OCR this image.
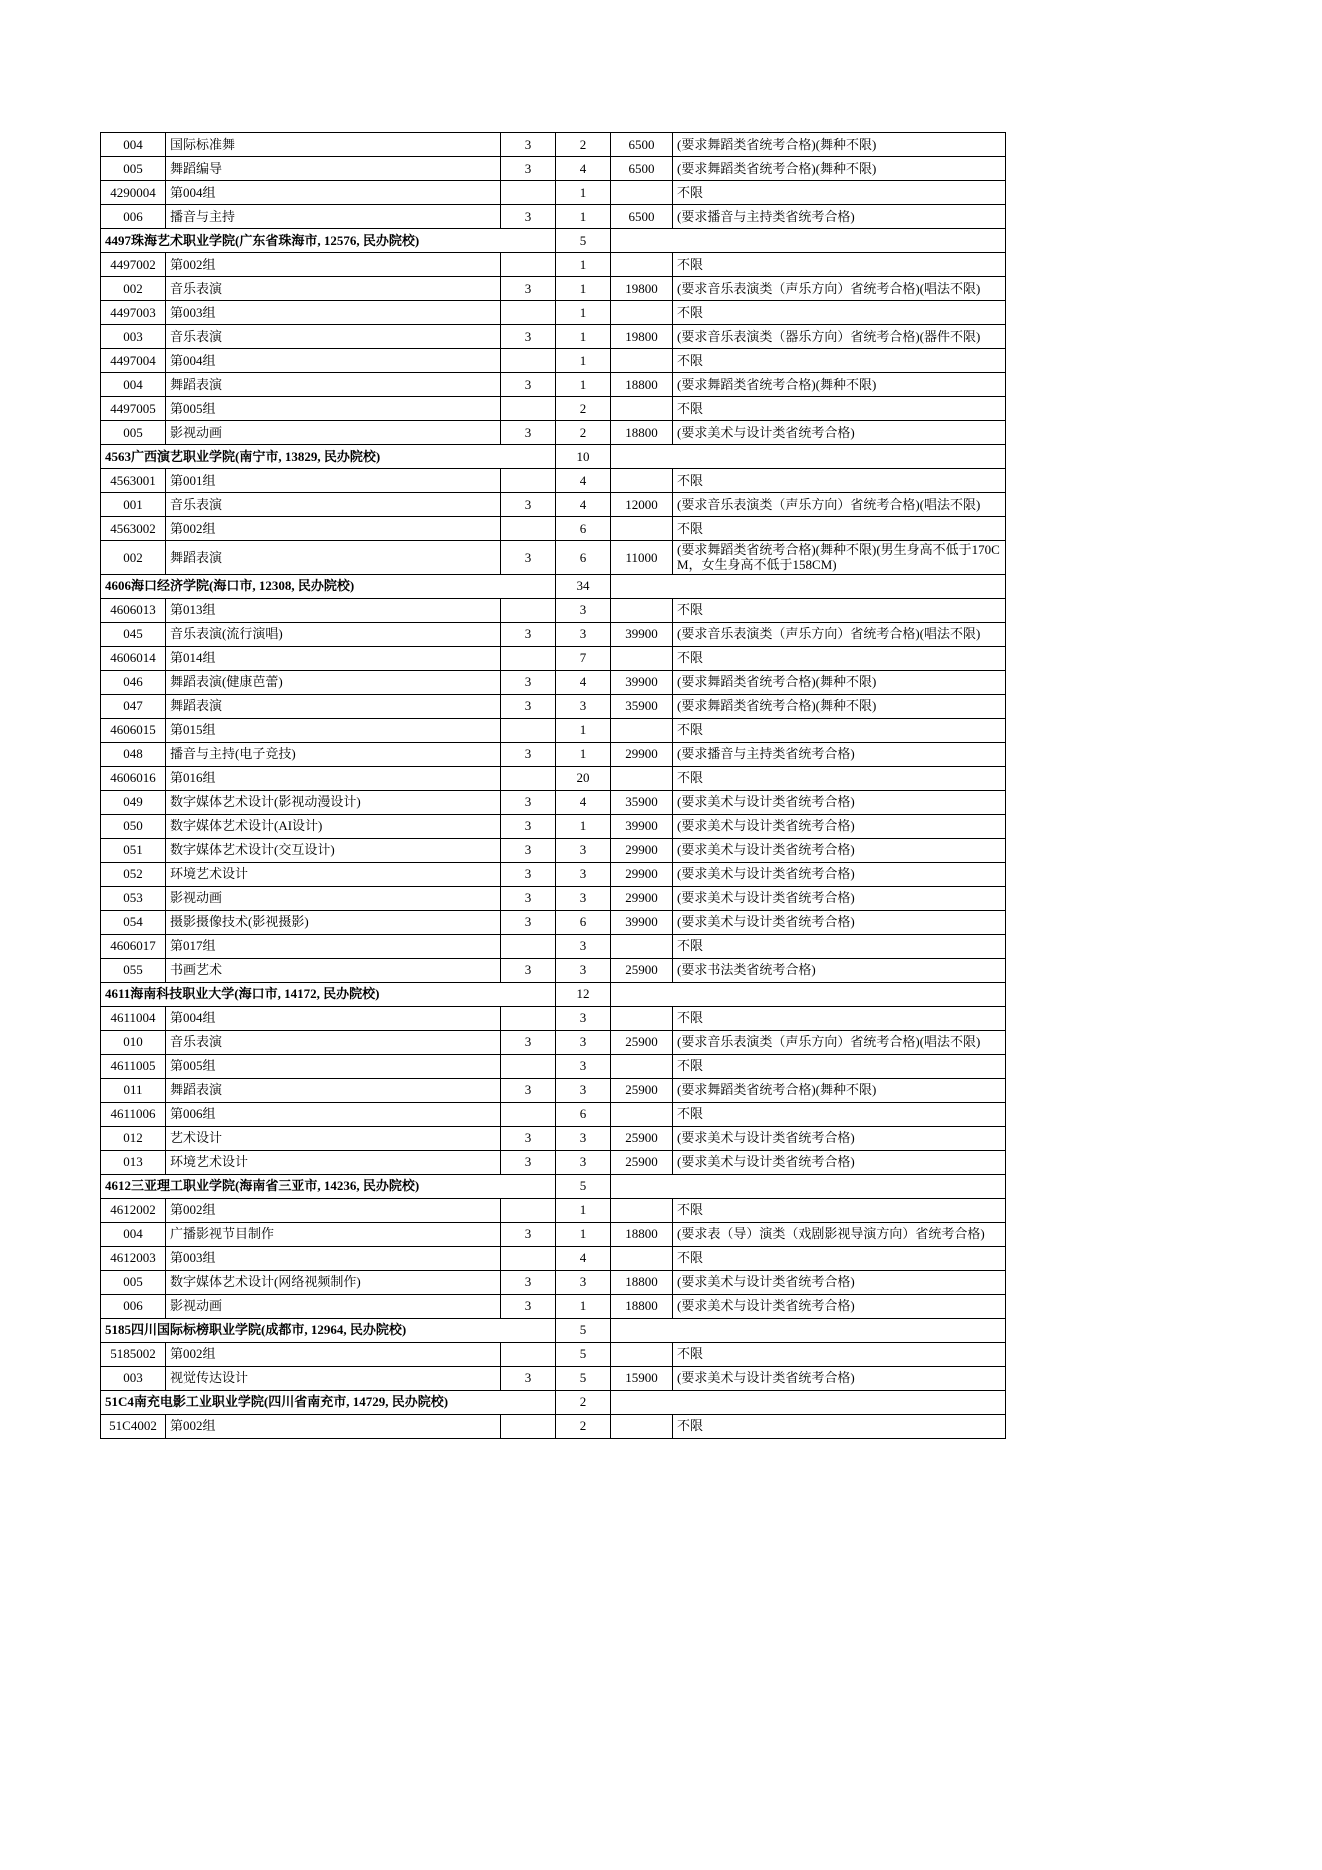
004	国际标准舞	3	2	6500	(要求舞蹈类省统考合格)(舞种不限)
005	舞蹈编导	3	4	6500	(要求舞蹈类省统考合格)(舞种不限)
4290004	第004组		1		不限
006	播音与主持	3	1	6500	(要求播音与主持类省统考合格)
4497珠海艺术职业学院(广东省珠海市, 12576, 民办院校)			5		
4497002	第002组		1		不限
002	音乐表演	3	1	19800	(要求音乐表演类（声乐方向）省统考合格)(唱法不限)
4497003	第003组		1		不限
003	音乐表演	3	1	19800	(要求音乐表演类（器乐方向）省统考合格)(器件不限)
4497004	第004组		1		不限
004	舞蹈表演	3	1	18800	(要求舞蹈类省统考合格)(舞种不限)
4497005	第005组		2		不限
005	影视动画	3	2	18800	(要求美术与设计类省统考合格)
4563广西演艺职业学院(南宁市, 13829, 民办院校)			10		
4563001	第001组		4		不限
001	音乐表演	3	4	12000	(要求音乐表演类（声乐方向）省统考合格)(唱法不限)
4563002	第002组		6		不限
002	舞蹈表演	3	6	11000	(要求舞蹈类省统考合格)(舞种不限)(男生身高不低于170CM，女生身高不低于158CM)
4606海口经济学院(海口市, 12308, 民办院校)			34		
4606013	第013组		3		不限
045	音乐表演(流行演唱)	3	3	39900	(要求音乐表演类（声乐方向）省统考合格)(唱法不限)
4606014	第014组		7		不限
046	舞蹈表演(健康芭蕾)	3	4	39900	(要求舞蹈类省统考合格)(舞种不限)
047	舞蹈表演	3	3	35900	(要求舞蹈类省统考合格)(舞种不限)
4606015	第015组		1		不限
048	播音与主持(电子竞技)	3	1	29900	(要求播音与主持类省统考合格)
4606016	第016组		20		不限
049	数字媒体艺术设计(影视动漫设计)	3	4	35900	(要求美术与设计类省统考合格)
050	数字媒体艺术设计(AI设计)	3	1	39900	(要求美术与设计类省统考合格)
051	数字媒体艺术设计(交互设计)	3	3	29900	(要求美术与设计类省统考合格)
052	环境艺术设计	3	3	29900	(要求美术与设计类省统考合格)
053	影视动画	3	3	29900	(要求美术与设计类省统考合格)
054	摄影摄像技术(影视摄影)	3	6	39900	(要求美术与设计类省统考合格)
4606017	第017组		3		不限
055	书画艺术	3	3	25900	(要求书法类省统考合格)
4611海南科技职业大学(海口市, 14172, 民办院校)			12		
4611004	第004组		3		不限
010	音乐表演	3	3	25900	(要求音乐表演类（声乐方向）省统考合格)(唱法不限)
4611005	第005组		3		不限
011	舞蹈表演	3	3	25900	(要求舞蹈类省统考合格)(舞种不限)
4611006	第006组		6		不限
012	艺术设计	3	3	25900	(要求美术与设计类省统考合格)
013	环境艺术设计	3	3	25900	(要求美术与设计类省统考合格)
4612三亚理工职业学院(海南省三亚市, 14236, 民办院校)			5		
4612002	第002组		1		不限
004	广播影视节目制作	3	1	18800	(要求表（导）演类（戏剧影视导演方向）省统考合格)
4612003	第003组		4		不限
005	数字媒体艺术设计(网络视频制作)	3	3	18800	(要求美术与设计类省统考合格)
006	影视动画	3	1	18800	(要求美术与设计类省统考合格)
5185四川国际标榜职业学院(成都市, 12964, 民办院校)			5		
5185002	第002组		5		不限
003	视觉传达设计	3	5	15900	(要求美术与设计类省统考合格)
51C4南充电影工业职业学院(四川省南充市, 14729, 民办院校)			2		
51C4002	第002组		2		不限
